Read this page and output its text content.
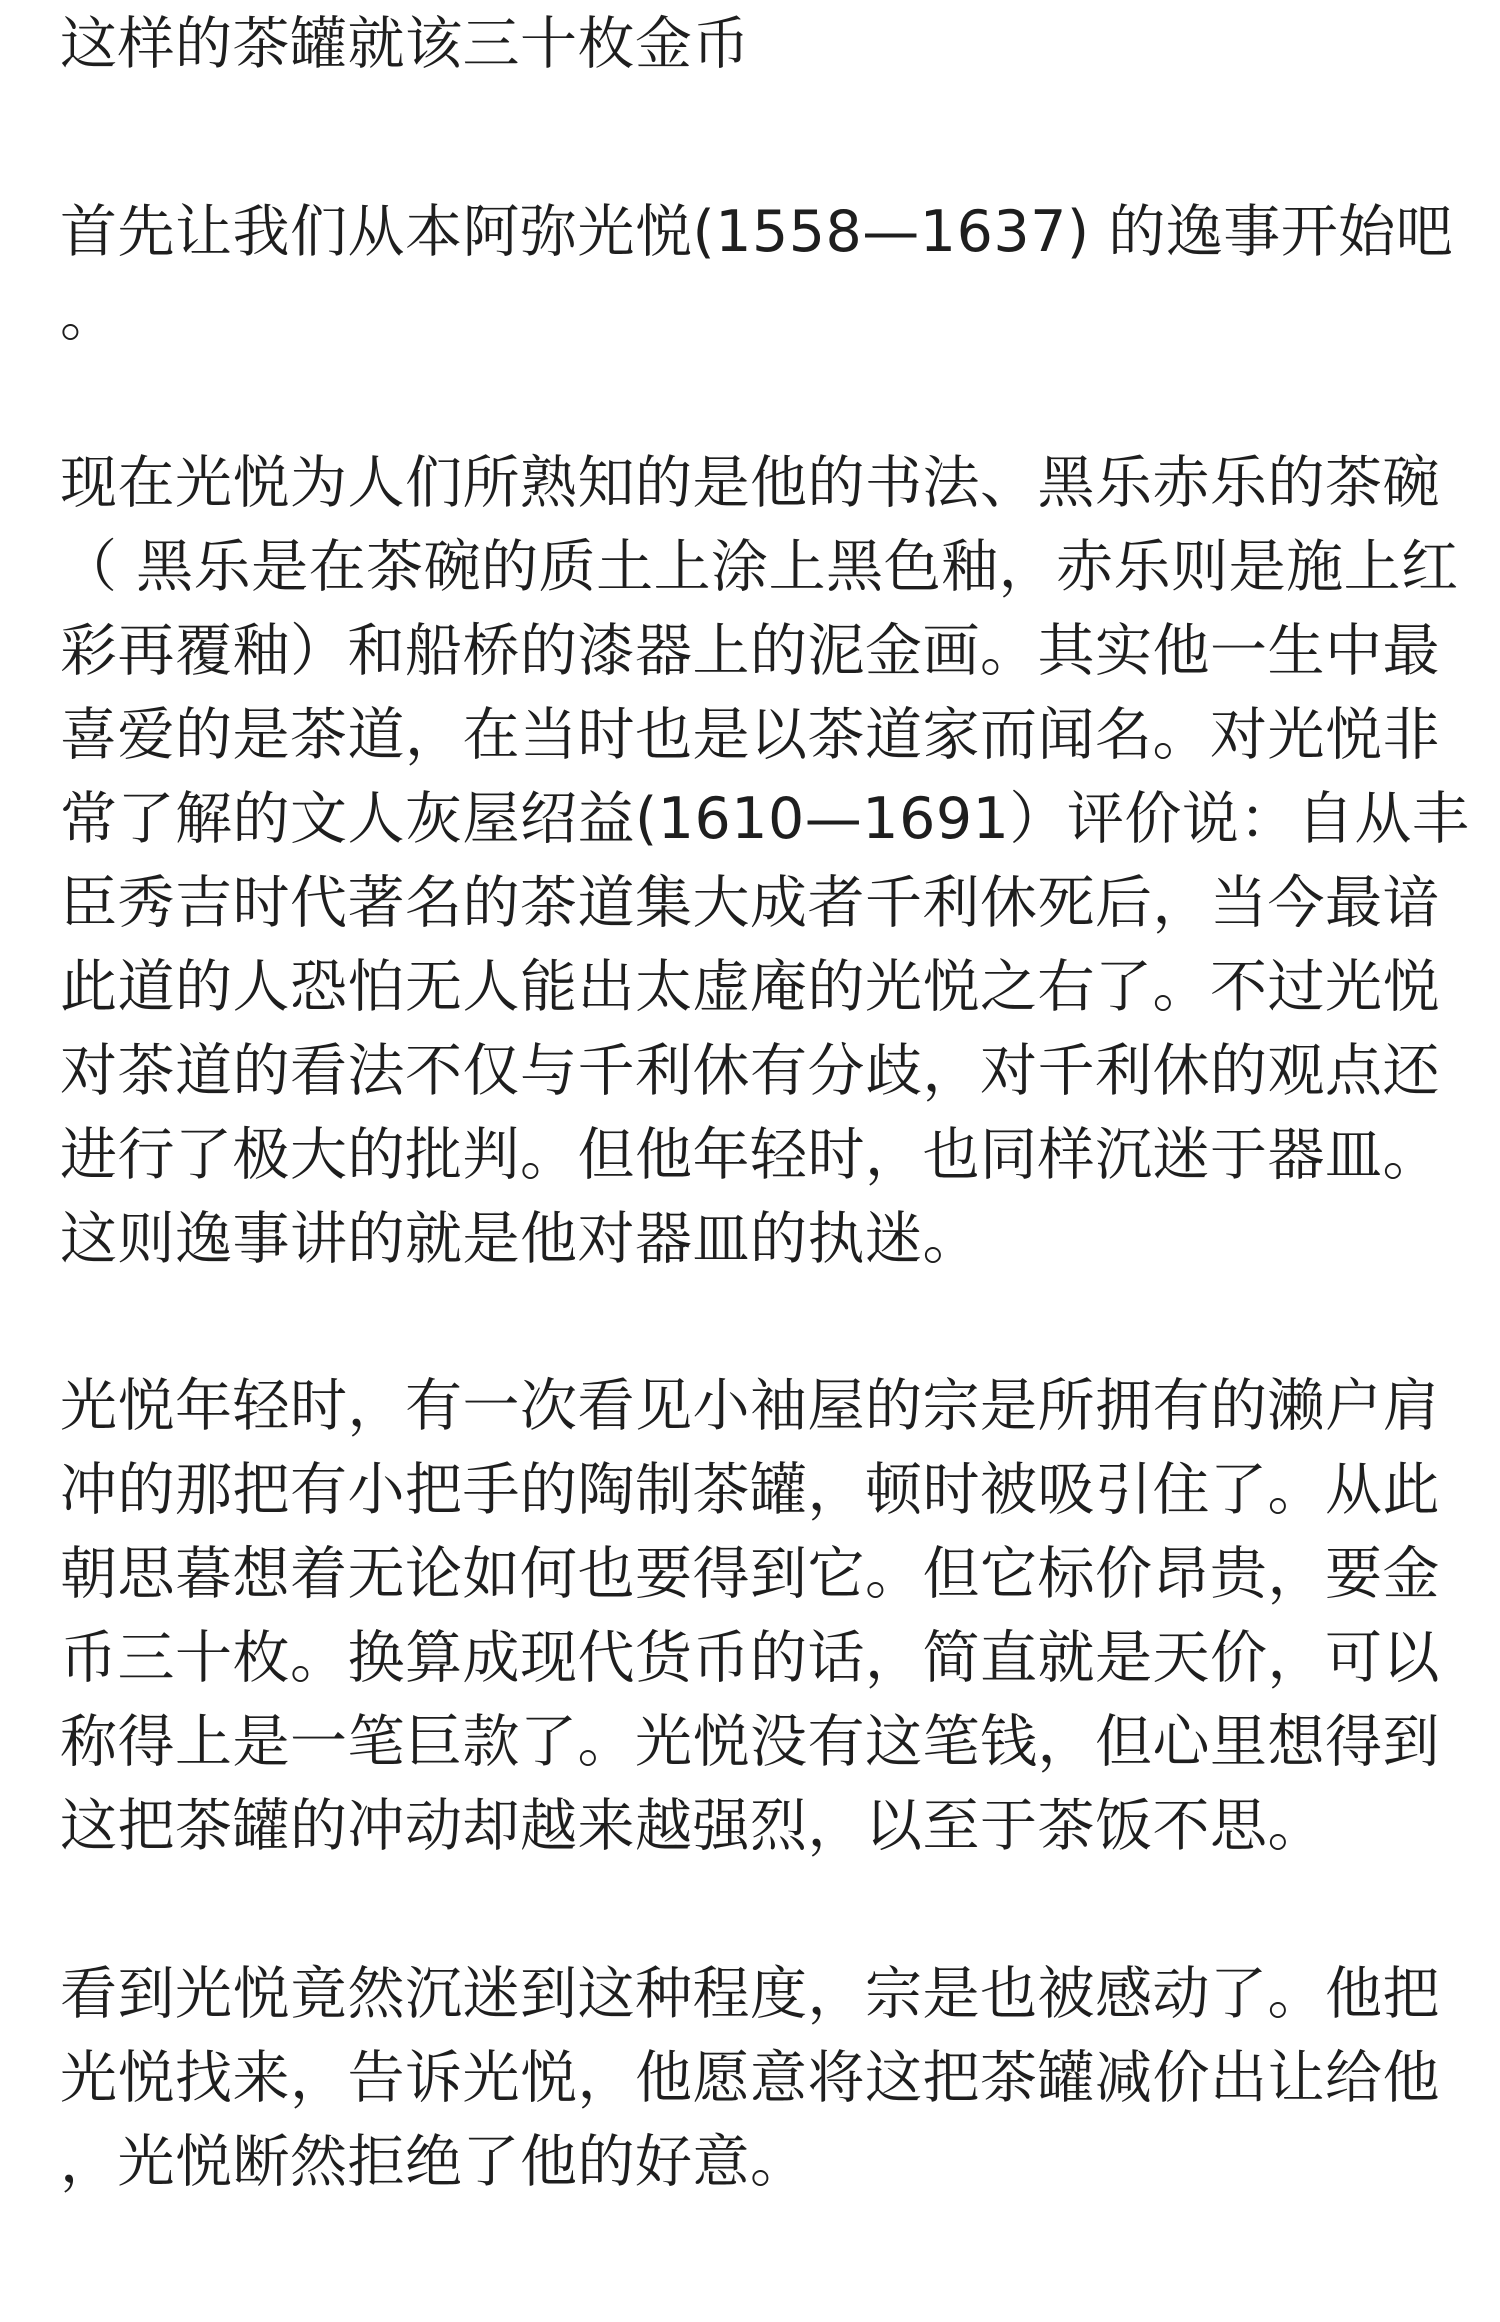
这样的茶罐就该三十枚金币
首先让我们从本阿弥光悦(1558—1637) 的逸事开始吧
。
现在光悦为人们所熟知的是他的书法、黑乐赤乐的茶碗
（ 黑乐是在茶碗的质土上涂上黑色釉，赤乐则是施上红
彩再覆釉）和船桥的漆器上的泥金画。其实他一生中最
喜爱的是茶道，在当时也是以茶道家而闻名。对光悦非
常了解的文人灰屋绍益(1610—1691）评价说：自从丰
臣秀吉时代著名的茶道集大成者千利休死后，当今最谙
此道的人恐怕无人能出太虚庵的光悦之右了。不过光悦
对茶道的看法不仅与千利休有分歧，对千利休的观点还
进行了极大的批判。但他年轻时，也同样沉迷于器皿。
这则逸事讲的就是他对器皿的执迷。
光悦年轻时，有一次看见小袖屋的宗是所拥有的濑户肩
冲的那把有小把手的陶制茶罐，顿时被吸引住了。从此
朝思暮想着无论如何也要得到它。但它标价昂贵，要金
币三十枚。换算成现代货币的话，简直就是天价，可以
称得上是一笔巨款了。光悦没有这笔钱，但心里想得到
这把茶罐的冲动却越来越强烈，以至于茶饭不思。
看到光悦竟然沉迷到这种程度，宗是也被感动了。他把
光悦找来，告诉光悦，他愿意将这把茶罐减价出让给他
，光悦断然拒绝了他的好意。
